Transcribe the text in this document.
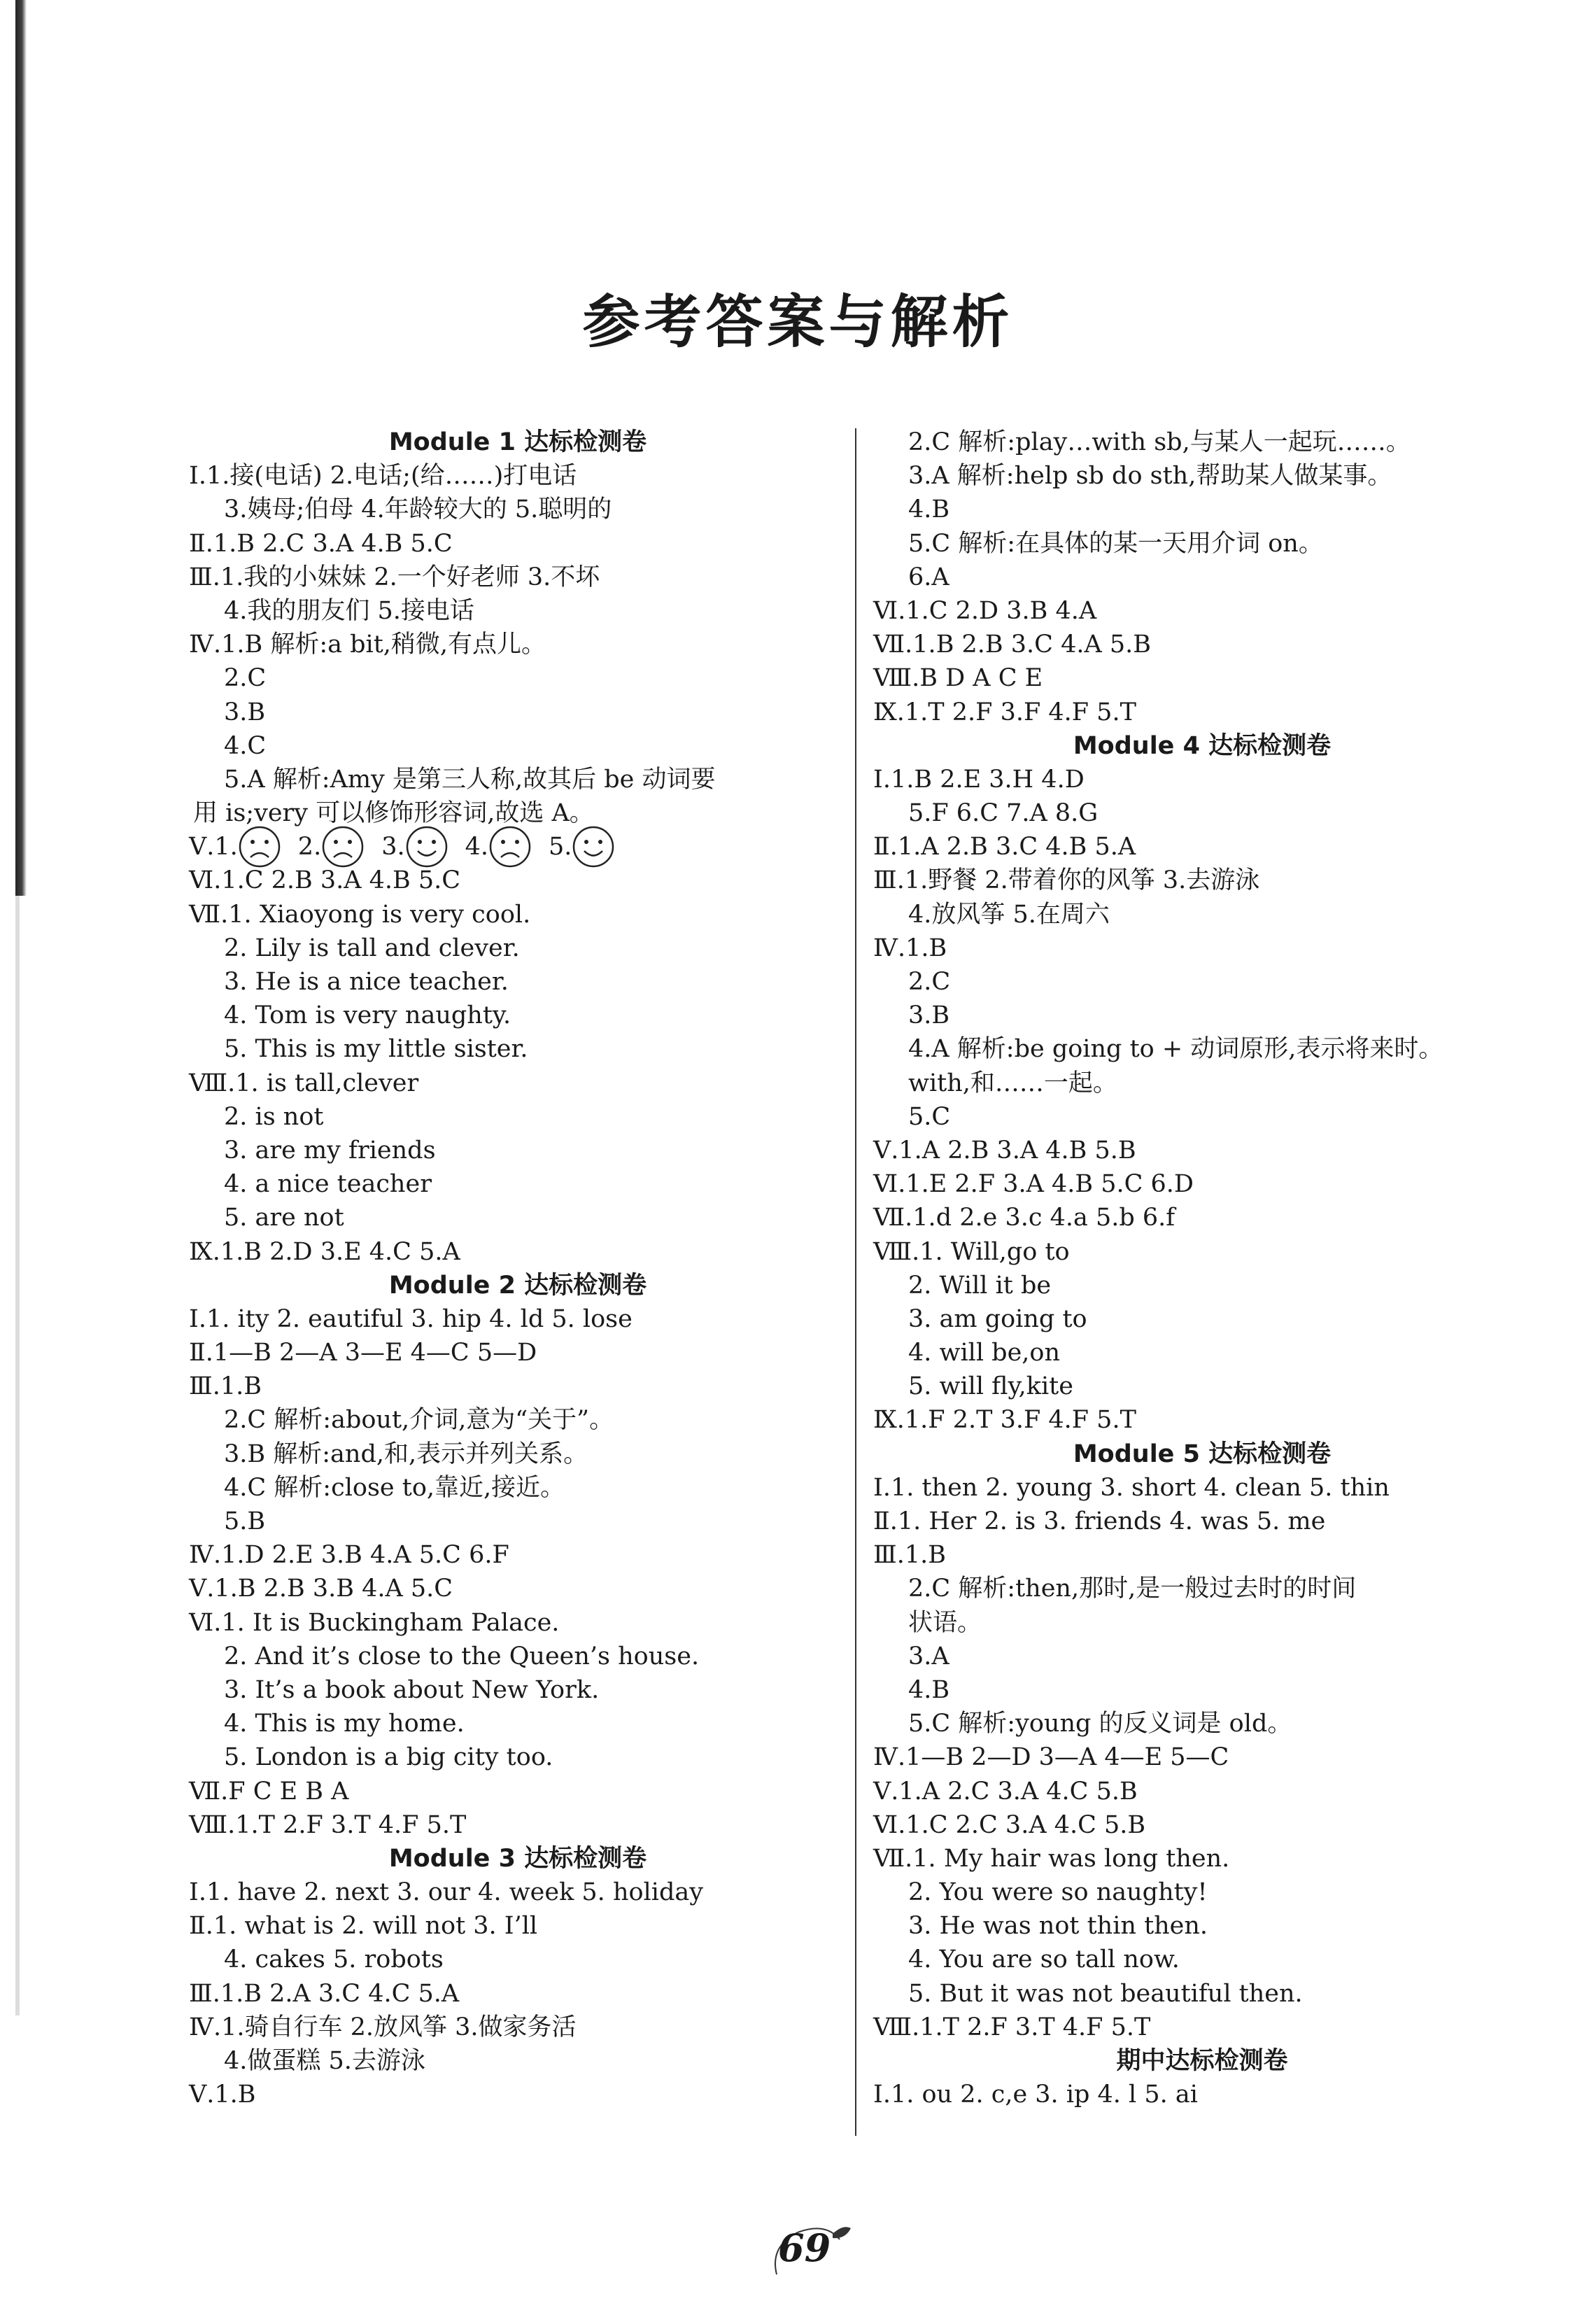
参考答案与解析
Module 1 达标检测卷
Ⅰ.1.接(电话) 2.电话;(给……)打电话
3.姨母;伯母 4.年龄较大的 5.聪明的
Ⅱ.1.B 2.C 3.A 4.B 5.C
Ⅲ.1.我的小妹妹 2.一个好老师 3.不坏
4.我的朋友们 5.接电话
Ⅳ.1.B 解析:a bit,稍微,有点儿。
2.C
3.B
4.C
5.A 解析:Amy 是第三人称,故其后 be 动词要
用 is;very 可以修饰形容词,故选 A。
Ⅴ.1. 2. 3. 4. 5.
Ⅵ.1.C 2.B 3.A 4.B 5.C
Ⅶ.1. Xiaoyong is very cool.
2. Lily is tall and clever.
3. He is a nice teacher.
4. Tom is very naughty.
5. This is my little sister.
Ⅷ.1. is tall,clever
2. is not
3. are my friends
4. a nice teacher
5. are not
Ⅸ.1.B 2.D 3.E 4.C 5.A
Module 2 达标检测卷
Ⅰ.1. ity 2. eautiful 3. hip 4. ld 5. lose
Ⅱ.1—B 2—A 3—E 4—C 5—D
Ⅲ.1.B
2.C 解析:about,介词,意为“关于”。
3.B 解析:and,和,表示并列关系。
4.C 解析:close to,靠近,接近。
5.B
Ⅳ.1.D 2.E 3.B 4.A 5.C 6.F
Ⅴ.1.B 2.B 3.B 4.A 5.C
Ⅵ.1. It is Buckingham Palace.
2. And it’s close to the Queen’s house.
3. It’s a book about New York.
4. This is my home.
5. London is a big city too.
Ⅶ.F C E B A
Ⅷ.1.T 2.F 3.T 4.F 5.T
Module 3 达标检测卷
Ⅰ.1. have 2. next 3. our 4. week 5. holiday
Ⅱ.1. what is 2. will not 3. I’ll
4. cakes 5. robots
Ⅲ.1.B 2.A 3.C 4.C 5.A
Ⅳ.1.骑自行车 2.放风筝 3.做家务活
4.做蛋糕 5.去游泳
Ⅴ.1.B
2.C 解析:play…with sb,与某人一起玩……。
3.A 解析:help sb do sth,帮助某人做某事。
4.B
5.C 解析:在具体的某一天用介词 on。
6.A
Ⅵ.1.C 2.D 3.B 4.A
Ⅶ.1.B 2.B 3.C 4.A 5.B
Ⅷ.B D A C E
Ⅸ.1.T 2.F 3.F 4.F 5.T
Module 4 达标检测卷
Ⅰ.1.B 2.E 3.H 4.D
5.F 6.C 7.A 8.G
Ⅱ.1.A 2.B 3.C 4.B 5.A
Ⅲ.1.野餐 2.带着你的风筝 3.去游泳
4.放风筝 5.在周六
Ⅳ.1.B
2.C
3.B
4.A 解析:be going to + 动词原形,表示将来时。
with,和……一起。
5.C
Ⅴ.1.A 2.B 3.A 4.B 5.B
Ⅵ.1.E 2.F 3.A 4.B 5.C 6.D
Ⅶ.1.d 2.e 3.c 4.a 5.b 6.f
Ⅷ.1. Will,go to
2. Will it be
3. am going to
4. will be,on
5. will fly,kite
Ⅸ.1.F 2.T 3.F 4.F 5.T
Module 5 达标检测卷
Ⅰ.1. then 2. young 3. short 4. clean 5. thin
Ⅱ.1. Her 2. is 3. friends 4. was 5. me
Ⅲ.1.B
2.C 解析:then,那时,是一般过去时的时间
状语。
3.A
4.B
5.C 解析:young 的反义词是 old。
Ⅳ.1—B 2—D 3—A 4—E 5—C
Ⅴ.1.A 2.C 3.A 4.C 5.B
Ⅵ.1.C 2.C 3.A 4.C 5.B
Ⅶ.1. My hair was long then.
2. You were so naughty!
3. He was not thin then.
4. You are so tall now.
5. But it was not beautiful then.
Ⅷ.1.T 2.F 3.T 4.F 5.T
期中达标检测卷
Ⅰ.1. ou 2. c,e 3. ip 4. l 5. ai
69
